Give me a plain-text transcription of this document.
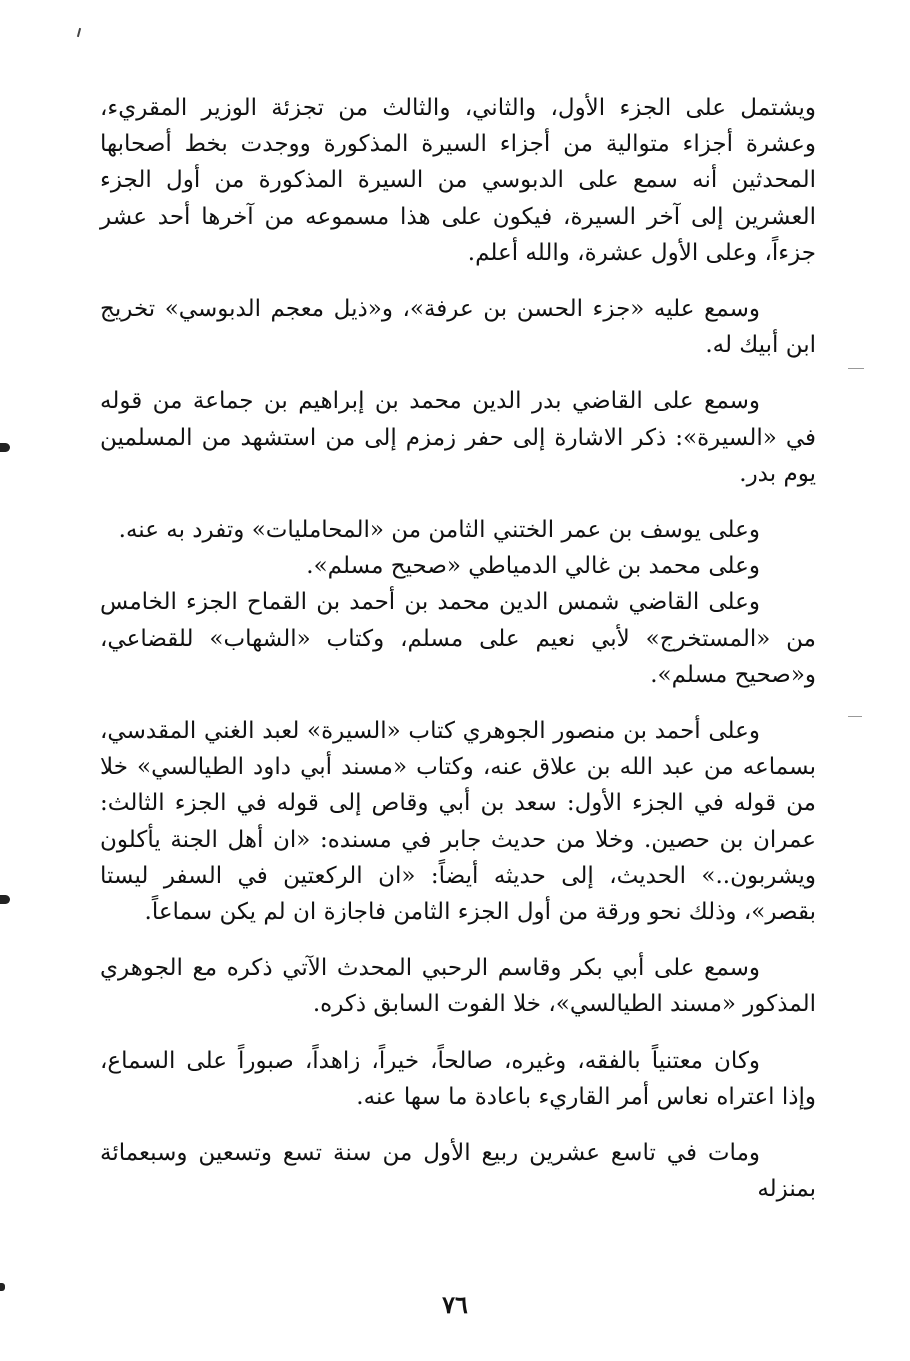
ويشتمل على الجزء الأول، والثاني، والثالث من تجزئة الوزير المقريء، وعشرة أجزاء متوالية من أجزاء السيرة المذكورة ووجدت بخط أصحابها المحدثين أنه سمع على الدبوسي من السيرة المذكورة من أول الجزء العشرين إلى آخر السيرة، فيكون على هذا مسموعه من آخرها أحد عشر جزءاً، وعلى الأول عشرة، والله أعلم.

وسمع عليه «جزء الحسن بن عرفة»، و«ذيل معجم الدبوسي» تخريج ابن أبيك له.

وسمع على القاضي بدر الدين محمد بن إبراهيم بن جماعة من قوله في «السيرة»: ذكر الاشارة إلى حفر زمزم إلى من استشهد من المسلمين يوم بدر.

وعلى يوسف بن عمر الختني الثامن من «المحامليات» وتفرد به عنه.

وعلى محمد بن غالي الدمياطي «صحيح مسلم».

وعلى القاضي شمس الدين محمد بن أحمد بن القماح الجزء الخامس من «المستخرج» لأبي نعيم على مسلم، وكتاب «الشهاب» للقضاعي، و«صحيح مسلم».

وعلى أحمد بن منصور الجوهري كتاب «السيرة» لعبد الغني المقدسي، بسماعه من عبد الله بن علاق عنه، وكتاب «مسند أبي داود الطيالسي» خلا من قوله في الجزء الأول: سعد بن أبي وقاص إلى قوله في الجزء الثالث: عمران بن حصين. وخلا من حديث جابر في مسنده: «ان أهل الجنة يأكلون ويشربون..» الحديث، إلى حديثه أيضاً: «ان الركعتين في السفر ليستا بقصر»، وذلك نحو ورقة من أول الجزء الثامن فاجازة ان لم يكن سماعاً.

وسمع على أبي بكر وقاسم الرحبي المحدث الآتي ذكره مع الجوهري المذكور «مسند الطيالسي»، خلا الفوت السابق ذكره.

وكان معتنياً بالفقه، وغيره، صالحاً، خيراً، زاهداً، صبوراً على السماع، وإذا اعتراه نعاس أمر القاريء باعادة ما سها عنه.

ومات في تاسع عشرين ربيع الأول من سنة تسع وتسعين وسبعمائة بمنزله

٧٦
